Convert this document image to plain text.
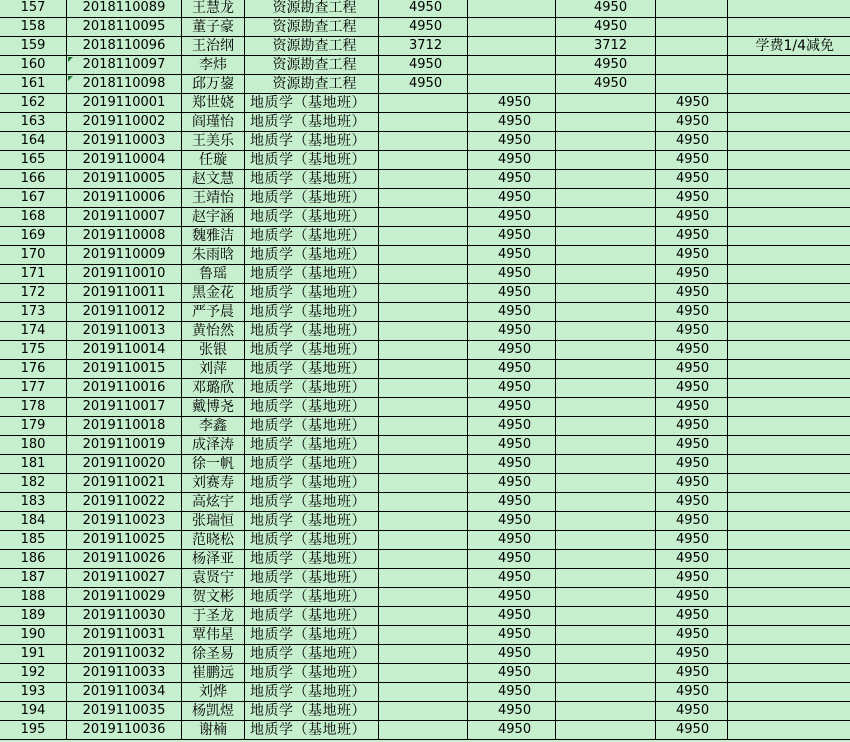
157	2018110089	王慧龙	资源勘查工程	4950	4950
158	2018110095	董子豪	资源勘查工程	4950	4950
159	2018110096	王治纲	资源勘查工程	3712	3712	学费1/4减免
160	2018110097	李炜	资源勘查工程	4950	4950
161	2018110098	邱万鋆	资源勘查工程	4950	4950
162	2019110001	郑世娆	地质学（基地班）	4950	4950
163	2019110002	阎瑾怡	地质学（基地班）	4950	4950
164	2019110003	王美乐	地质学（基地班）	4950	4950
165	2019110004	任璇	地质学（基地班）	4950	4950
166	2019110005	赵文慧	地质学（基地班）	4950	4950
167	2019110006	王靖怡	地质学（基地班）	4950	4950
168	2019110007	赵宇涵	地质学（基地班）	4950	4950
169	2019110008	魏雅洁	地质学（基地班）	4950	4950
170	2019110009	朱雨晗	地质学（基地班）	4950	4950
171	2019110010	鲁瑶	地质学（基地班）	4950	4950
172	2019110011	黑金花	地质学（基地班）	4950	4950
173	2019110012	严予晨	地质学（基地班）	4950	4950
174	2019110013	黄怡然	地质学（基地班）	4950	4950
175	2019110014	张银	地质学（基地班）	4950	4950
176	2019110015	刘萍	地质学（基地班）	4950	4950
177	2019110016	邓璐欣	地质学（基地班）	4950	4950
178	2019110017	戴博尧	地质学（基地班）	4950	4950
179	2019110018	李鑫	地质学（基地班）	4950	4950
180	2019110019	成泽涛	地质学（基地班）	4950	4950
181	2019110020	徐一帆	地质学（基地班）	4950	4950
182	2019110021	刘赛寿	地质学（基地班）	4950	4950
183	2019110022	高炫宇	地质学（基地班）	4950	4950
184	2019110023	张瑞恒	地质学（基地班）	4950	4950
185	2019110025	范晓松	地质学（基地班）	4950	4950
186	2019110026	杨泽亚	地质学（基地班）	4950	4950
187	2019110027	袁贤宁	地质学（基地班）	4950	4950
188	2019110029	贺文彬	地质学（基地班）	4950	4950
189	2019110030	于圣龙	地质学（基地班）	4950	4950
190	2019110031	覃伟星	地质学（基地班）	4950	4950
191	2019110032	徐圣易	地质学（基地班）	4950	4950
192	2019110033	崔鹏远	地质学（基地班）	4950	4950
193	2019110034	刘烨	地质学（基地班）	4950	4950
194	2019110035	杨凯煜	地质学（基地班）	4950	4950
195	2019110036	谢楠	地质学（基地班）	4950	4950
